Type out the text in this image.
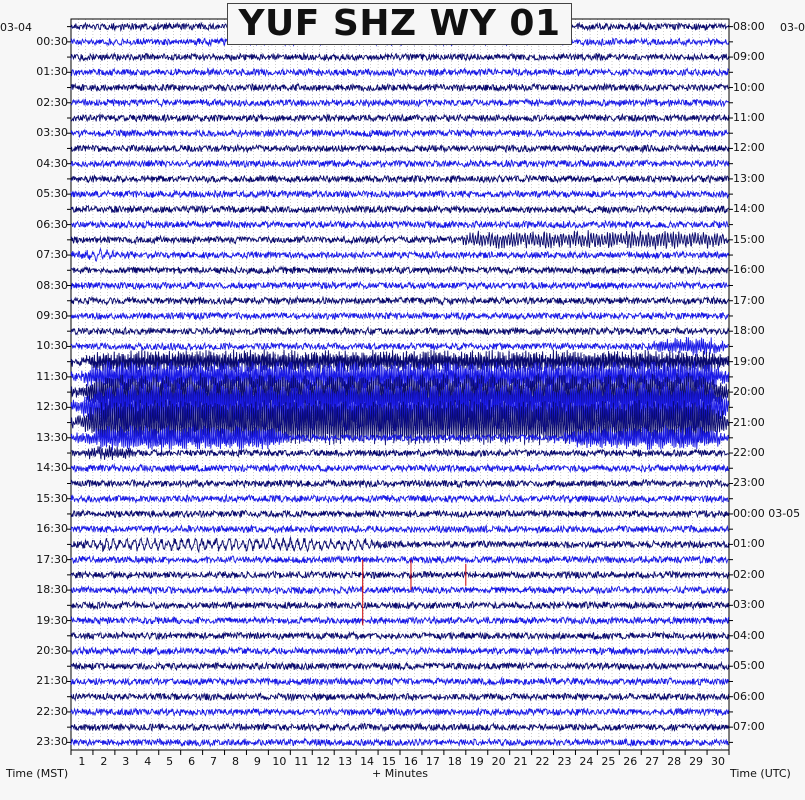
YUF SHZ WY 01
03-04	03-0
Time (MST)	+ Minutes	Time (UTC)
00:30
01:30
02:30
03:30
04:30
05:30
06:30
07:30
08:30
09:30
10:30
11:30
12:30
13:30
14:30
15:30
16:30
17:30
18:30
19:30
20:30
21:30
22:30
23:30
08:00
09:00
10:00
11:00
12:00
13:00
14:00
15:00
16:00
17:00
18:00
19:00
20:00
21:00
22:00
23:00
00:00 03-05
01:00
02:00
03:00
04:00
05:00
06:00
07:00
1 2 3 4 5 6 7 8 9 10 11 12 13 14 15 16 17 18 19 20 21 22 23 24 25 26 27 28 29 30
